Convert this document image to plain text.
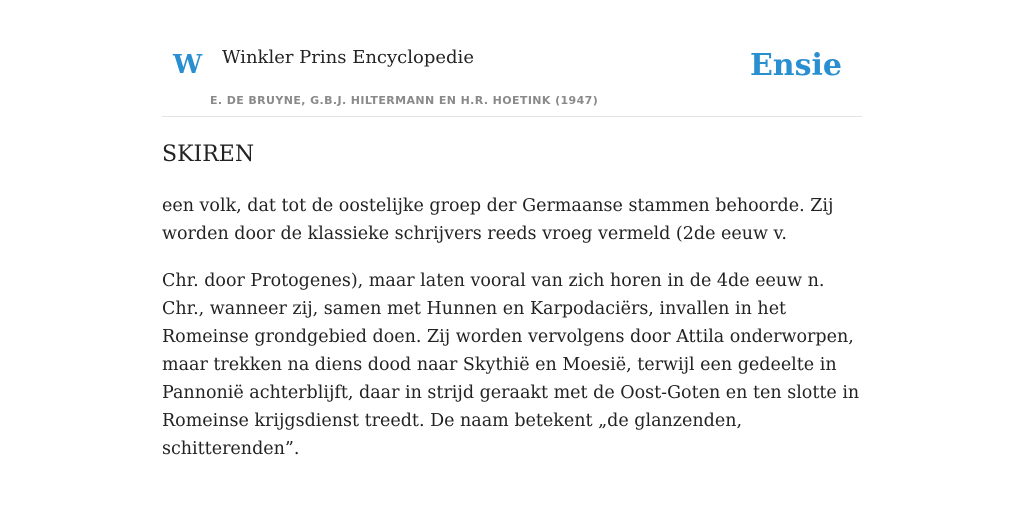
W Winkler Prins Encyclopedie
E. DE BRUYNE, G.B.J. HILTERMANN EN H.R. HOETINK (1947)
Ensie
SKIREN

een volk, dat tot de oostelijke groep der Germaanse stammen behoorde. Zij worden door de klassieke schrijvers reeds vroeg vermeld (2de eeuw v.

Chr. door Protogenes), maar laten vooral van zich horen in de 4de eeuw n. Chr., wanneer zij, samen met Hunnen en Karpodaciërs, invallen in het Romeinse grondgebied doen. Zij worden vervolgens door Attila onderworpen, maar trekken na diens dood naar Skythië en Moesië, terwijl een gedeelte in Pannonië achterblijft, daar in strijd geraakt met de Oost-Goten en ten slotte in Romeinse krijgsdienst treedt. De naam betekent „de glanzenden, schitterenden”.
